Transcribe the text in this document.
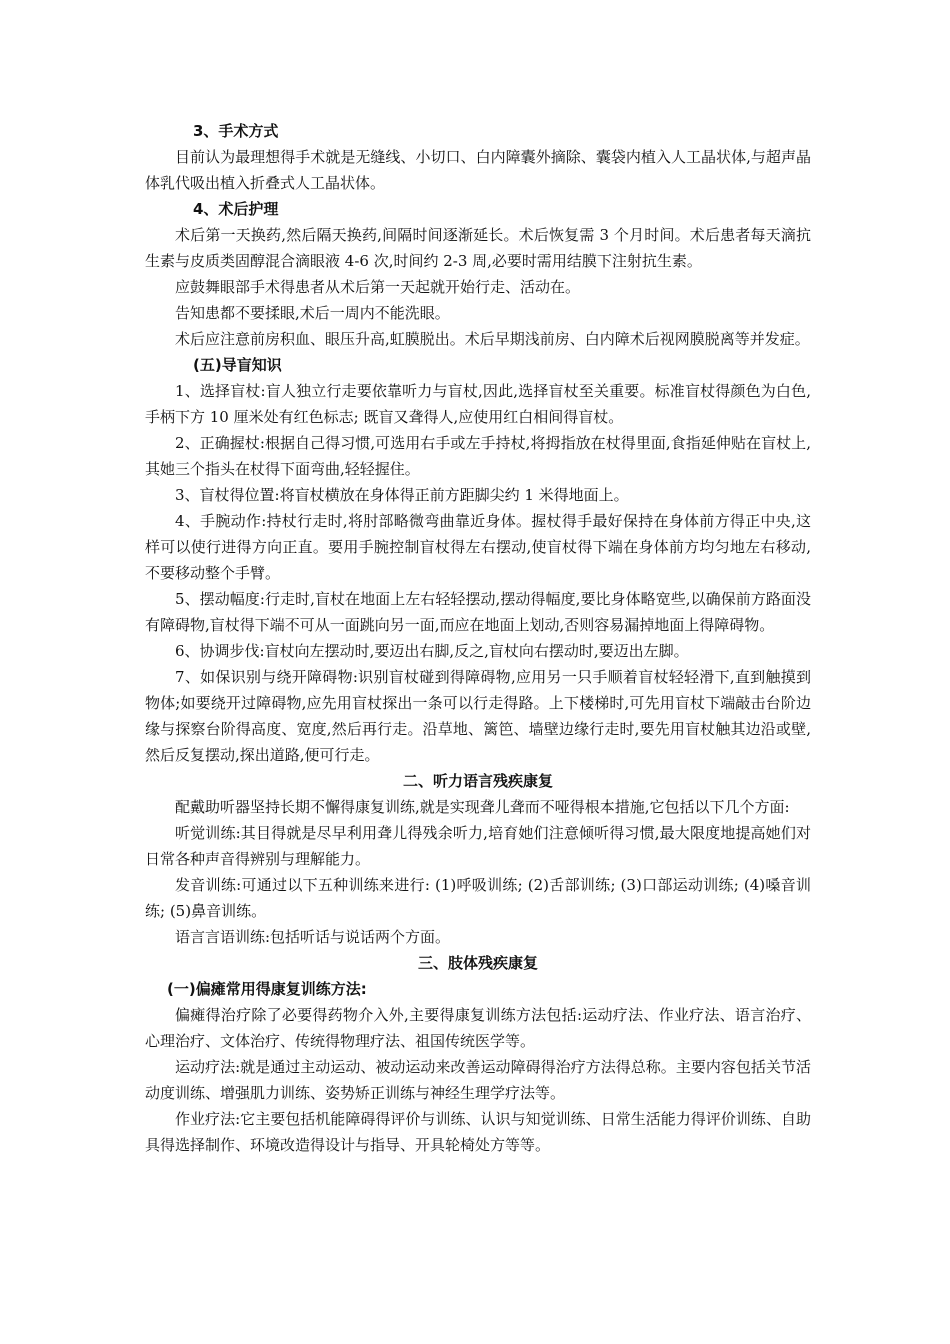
3、手术方式

目前认为最理想得手术就是无缝线、小切口、白内障囊外摘除、囊袋内植入人工晶状体,与超声晶体乳代吸出植入折叠式人工晶状体。

4、术后护理

术后第一天换药,然后隔天换药,间隔时间逐渐延长。术后恢复需 3 个月时间。术后患者每天滴抗生素与皮质类固醇混合滴眼液 4-6 次,时间约 2-3 周,必要时需用结膜下注射抗生素。

应鼓舞眼部手术得患者从术后第一天起就开始行走、活动在。

告知患都不要揉眼,术后一周内不能洗眼。

术后应注意前房积血、眼压升高,虹膜脱出。术后早期浅前房、白内障术后视网膜脱离等并发症。

(五)导盲知识

1、选择盲杖:盲人独立行走要依靠听力与盲杖,因此,选择盲杖至关重要。标准盲杖得颜色为白色,手柄下方 10 厘米处有红色标志; 既盲又聋得人,应使用红白相间得盲杖。

2、正确握杖:根据自己得习惯,可选用右手或左手持杖,将拇指放在杖得里面,食指延伸贴在盲杖上,其她三个指头在杖得下面弯曲,轻轻握住。

3、盲杖得位置:将盲杖横放在身体得正前方距脚尖约 1 米得地面上。

4、手腕动作:持杖行走时,将肘部略微弯曲靠近身体。握杖得手最好保持在身体前方得正中央,这样可以使行进得方向正直。要用手腕控制盲杖得左右摆动,使盲杖得下端在身体前方均匀地左右移动,不要移动整个手臂。

5、摆动幅度:行走时,盲杖在地面上左右轻轻摆动,摆动得幅度,要比身体略宽些,以确保前方路面没有障碍物,盲杖得下端不可从一面跳向另一面,而应在地面上划动,否则容易漏掉地面上得障碍物。

6、协调步伐:盲杖向左摆动时,要迈出右脚,反之,盲杖向右摆动时,要迈出左脚。

7、如保识别与绕开障碍物:识别盲杖碰到得障碍物,应用另一只手顺着盲杖轻轻滑下,直到触摸到物体;如要绕开过障碍物,应先用盲杖探出一条可以行走得路。上下楼梯时,可先用盲杖下端敲击台阶边缘与探察台阶得高度、宽度,然后再行走。沿草地、篱笆、墙壁边缘行走时,要先用盲杖触其边沿或壁,然后反复摆动,探出道路,便可行走。

二、听力语言残疾康复

配戴助听器坚持长期不懈得康复训练,就是实现聋儿聋而不哑得根本措施,它包括以下几个方面:

听觉训练:其目得就是尽早利用聋儿得残余听力,培育她们注意倾听得习惯,最大限度地提高她们对日常各种声音得辨别与理解能力。

发音训练:可通过以下五种训练来进行: (1)呼吸训练; (2)舌部训练; (3)口部运动训练; (4)嗓音训练; (5)鼻音训练。

语言言语训练:包括听话与说话两个方面。

三、肢体残疾康复
(一)偏瘫常用得康复训练方法:

偏瘫得治疗除了必要得药物介入外,主要得康复训练方法包括:运动疗法、作业疗法、语言治疗、心理治疗、文体治疗、传统得物理疗法、祖国传统医学等。

运动疗法:就是通过主动运动、被动运动来改善运动障碍得治疗方法得总称。主要内容包括关节活动度训练、增强肌力训练、姿势矫正训练与神经生理学疗法等。

作业疗法:它主要包括机能障碍得评价与训练、认识与知觉训练、日常生活能力得评价训练、自助具得选择制作、环境改造得设计与指导、开具轮椅处方等等。
